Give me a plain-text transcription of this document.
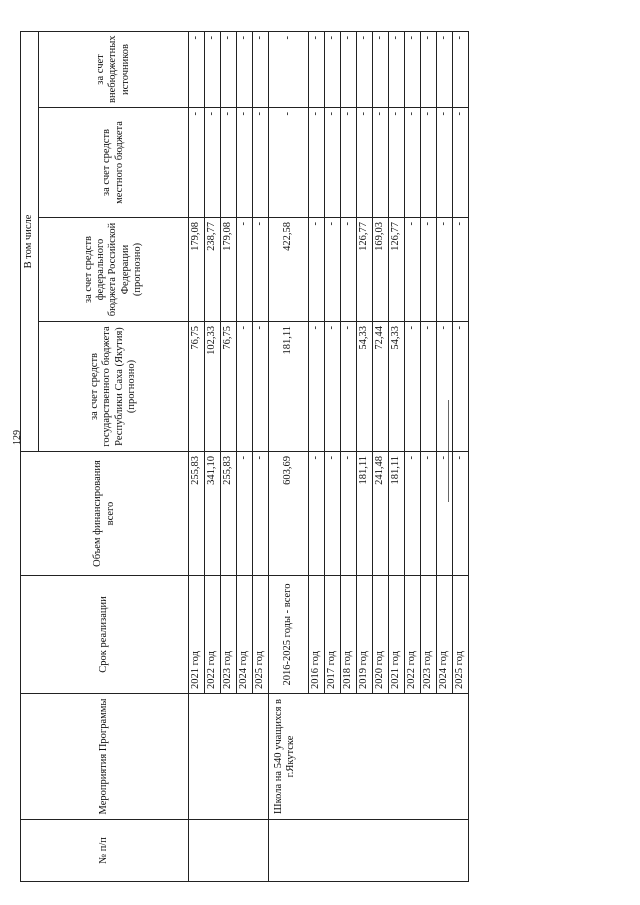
129
№ п/п	Мероприятия Программы	Срок реализации	Объем финансирования всего	В том числе			
				за счет средств государственного бюджета Республики Саха (Якутия) (прогнозно)	за счет средств федерального бюджета Российской Федерации (прогнозно)	за счет средств местного бюджета	за счет внебюджетных источников
		2021 год	255,83	76,75	179,08	-	-
		2022 год	341,10	102,33	238,77	-	-
		2023 год	255,83	76,75	179,08	-	-
		2024 год	-	-	-	-	-
		2025 год	-	-	-	-	-
	Школа на 540 учащихся в г.Якутске	2016-2025 годы - всего	603,69	181,11	422,58	-	-
		2016 год	-	-	-	-	-
		2017 год	-	-	-	-	-
		2018 год	-	-	-	-	-
		2019 год	181,11	54,33	126,77	-	-
		2020 год	241,48	72,44	169,03	-	-
		2021 год	181,11	54,33	126,77	-	-
		2022 год	-	-	-	-	-
		2023 год	-	-	-	-	-
		2024 год	-	-	-	-	-
		2025 год	-	-	-	-	-
